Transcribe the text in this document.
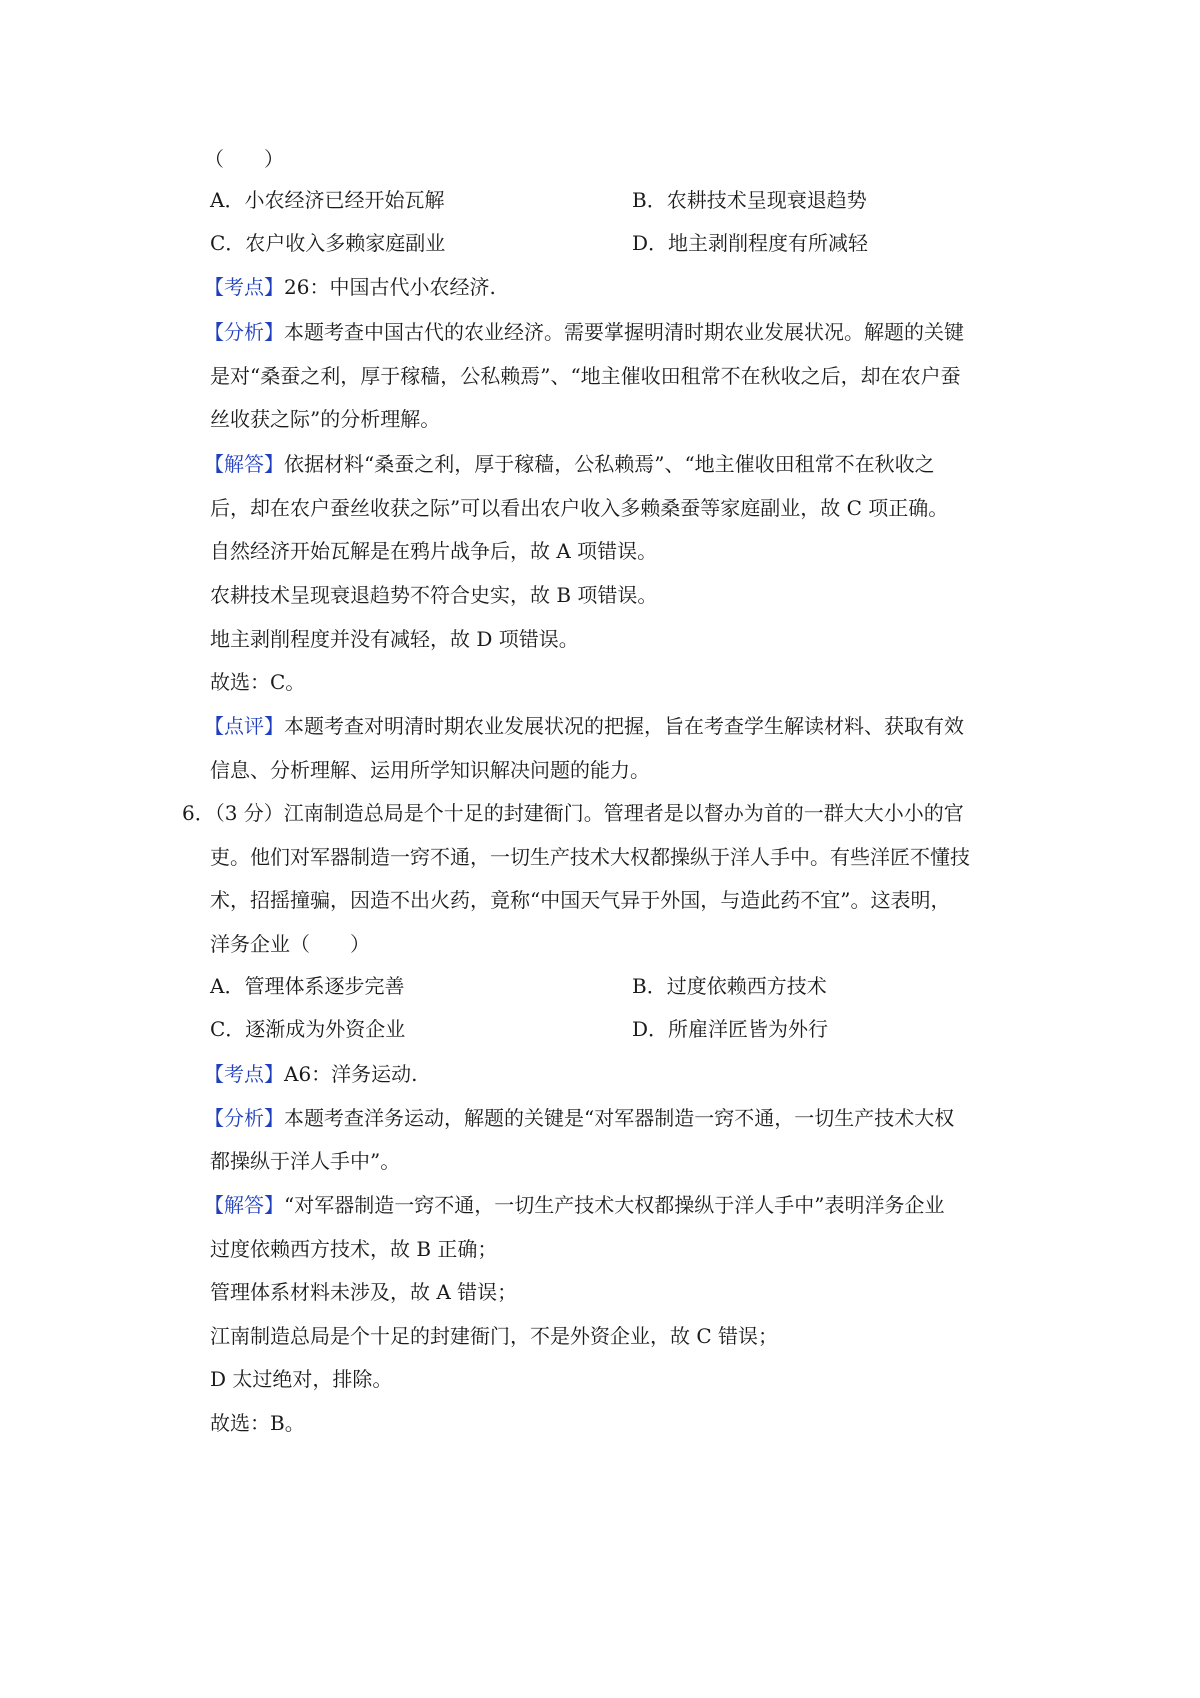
（　　）
A．小农经济已经开始瓦解	B．农耕技术呈现衰退趋势
C．农户收入多赖家庭副业	D．地主剥削程度有所减轻
【考点】26：中国古代小农经济.
【分析】本题考查中国古代的农业经济。需要掌握明清时期农业发展状况。解题的关键
是对“桑蚕之利，厚于稼穑，公私赖焉”、“地主催收田租常不在秋收之后，却在农户蚕
丝收获之际”的分析理解。
【解答】依据材料“桑蚕之利，厚于稼穑，公私赖焉”、“地主催收田租常不在秋收之
后，却在农户蚕丝收获之际”可以看出农户收入多赖桑蚕等家庭副业，故 C 项正确。
自然经济开始瓦解是在鸦片战争后，故 A 项错误。
农耕技术呈现衰退趋势不符合史实，故 B 项错误。
地主剥削程度并没有减轻，故 D 项错误。
故选：C。
【点评】本题考查对明清时期农业发展状况的把握，旨在考查学生解读材料、获取有效
信息、分析理解、运用所学知识解决问题的能力。
6．（3 分）江南制造总局是个十足的封建衙门。管理者是以督办为首的一群大大小小的官
吏。他们对军器制造一窍不通，一切生产技术大权都操纵于洋人手中。有些洋匠不懂技
术，招摇撞骗，因造不出火药，竟称“中国天气异于外国，与造此药不宜”。这表明，
洋务企业（　　）
A．管理体系逐步完善	B．过度依赖西方技术
C．逐渐成为外资企业	D．所雇洋匠皆为外行
【考点】A6：洋务运动.
【分析】本题考查洋务运动，解题的关键是“对军器制造一窍不通，一切生产技术大权
都操纵于洋人手中”。
【解答】“对军器制造一窍不通，一切生产技术大权都操纵于洋人手中”表明洋务企业
过度依赖西方技术，故 B 正确；
管理体系材料未涉及，故 A 错误；
江南制造总局是个十足的封建衙门，不是外资企业，故 C 错误；
D 太过绝对，排除。
故选：B。
